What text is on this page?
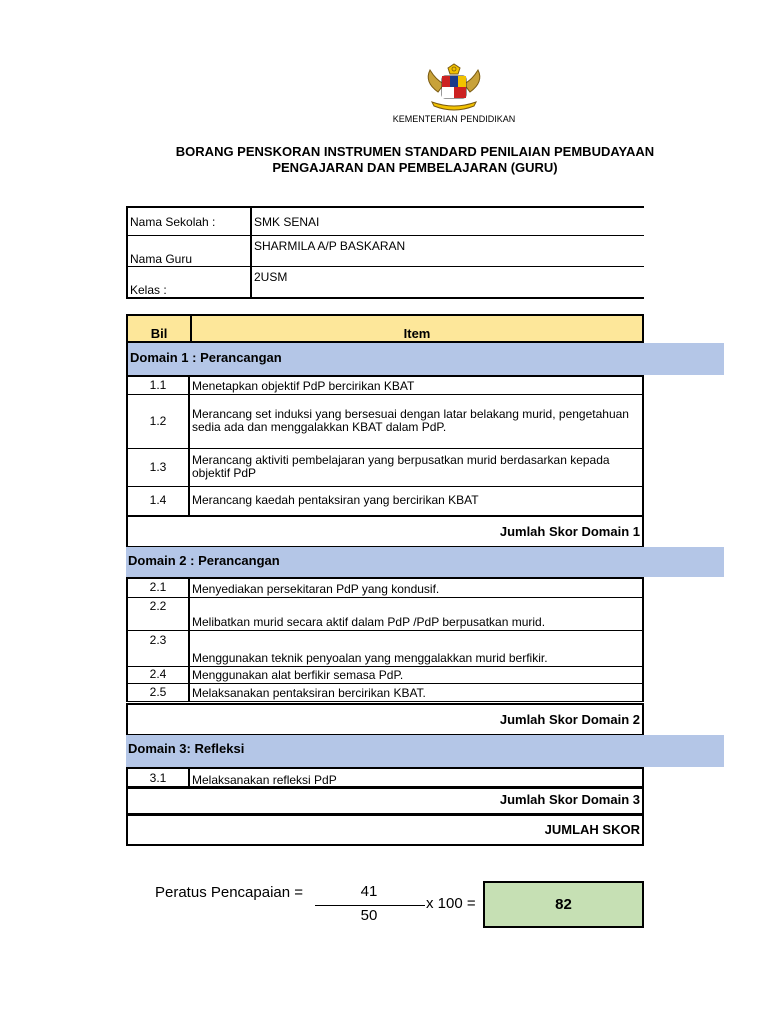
KEMENTERIAN PENDIDIKAN
BORANG PENSKORAN INSTRUMEN STANDARD PENILAIAN PEMBUDAYAAN
PENGAJARAN DAN PEMBELAJARAN (GURU)
Nama Sekolah :	SMK SENAI
Nama Guru	SHARMILA A/P BASKARAN
Kelas :	2USM
Bil	Item
Domain 1 : Perancangan
1.1	Menetapkan objektif PdP bercirikan KBAT
1.2	Merancang set induksi yang bersesuai dengan latar belakang murid, pengetahuan sedia ada dan menggalakkan KBAT dalam PdP.
1.3	Merancang aktiviti pembelajaran yang berpusatkan murid berdasarkan kepada objektif PdP
1.4	Merancang kaedah pentaksiran yang bercirikan KBAT
Jumlah Skor Domain 1
Domain 2 : Perancangan
2.1	Menyediakan persekitaran PdP yang kondusif.
2.2	Melibatkan murid secara aktif dalam PdP /PdP berpusatkan murid.
2.3	Menggunakan teknik penyoalan yang menggalakkan murid berfikir.
2.4	Menggunakan alat berfikir semasa PdP.
2.5	Melaksanakan pentaksiran bercirikan KBAT.
Jumlah Skor Domain 2
Domain 3: Refleksi
3.1	Melaksanakan refleksi PdP
Jumlah Skor Domain 3
JUMLAH SKOR
Peratus Pencapaian =	41
50
x 100 =	82
